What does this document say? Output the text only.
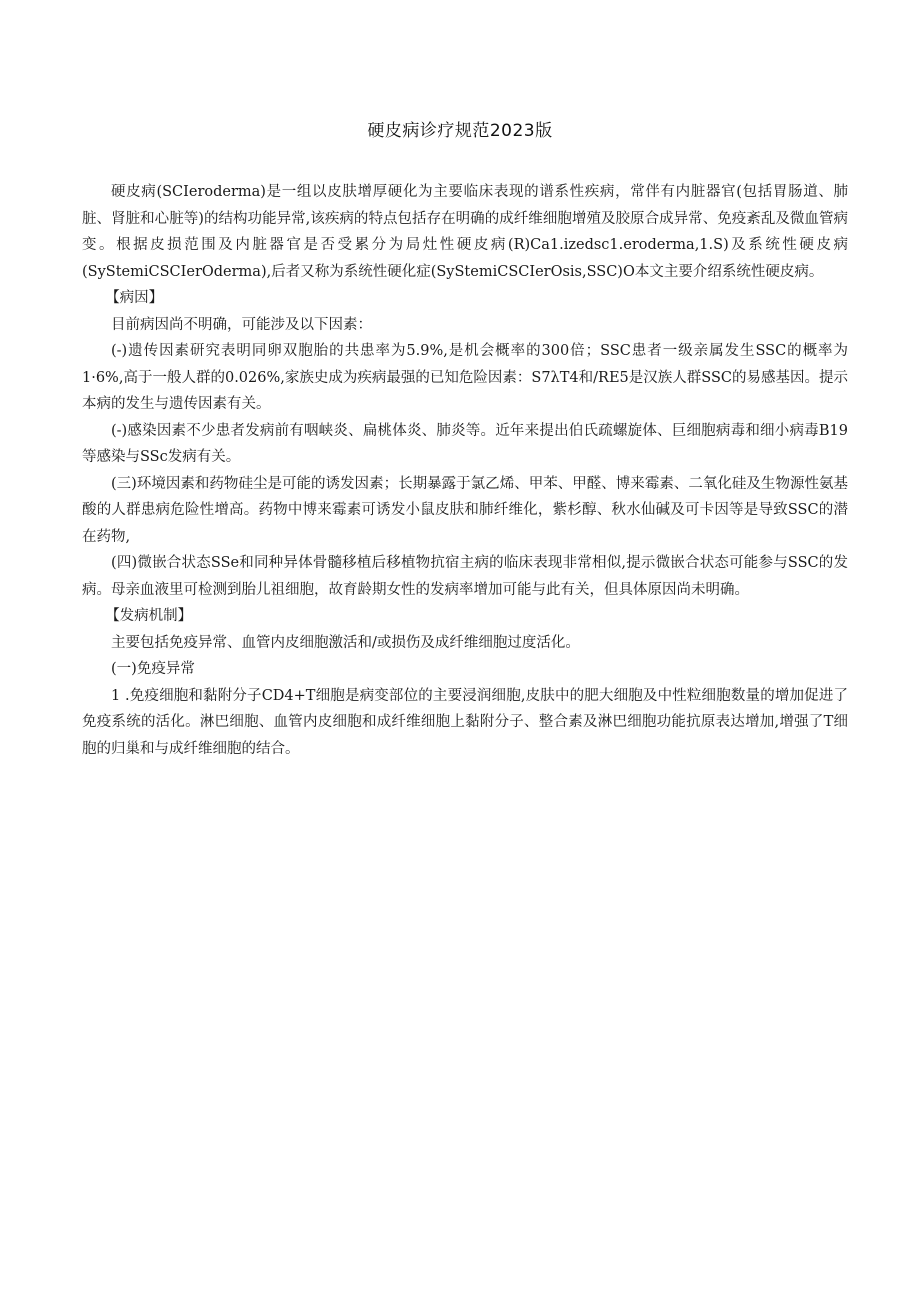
硬皮病诊疗规范2023版

硬皮病(SCIeroderma)是一组以皮肤增厚硬化为主要临床表现的谱系性疾病，常伴有内脏器官(包括胃肠道、肺脏、肾脏和心脏等)的结构功能异常,该疾病的特点包括存在明确的成纤维细胞增殖及胶原合成异常、免疫紊乱及微血管病变。根据皮损范围及内脏器官是否受累分为局灶性硬皮病(R)Ca1.izedsc1.eroderma,1.S)及系统性硬皮病(SyStemiCSCIerOderma),后者又称为系统性硬化症(SyStemiCSCIerOsis,SSC)O本文主要介绍系统性硬皮病。

【病因】

目前病因尚不明确，可能涉及以下因素：

(-)遗传因素研究表明同卵双胞胎的共患率为5.9%,是机会概率的300倍；SSC患者一级亲属发生SSC的概率为1·6%,高于一般人群的0.026%,家族史成为疾病最强的已知危险因素：S7λT4和/RE5是汉族人群SSC的易感基因。提示本病的发生与遗传因素有关。

(-)感染因素不少患者发病前有咽峡炎、扁桃体炎、肺炎等。近年来提出伯氏疏螺旋体、巨细胞病毒和细小病毒B19等感染与SSc发病有关。

(三)环境因素和药物硅尘是可能的诱发因素；长期暴露于氯乙烯、甲苯、甲醛、博来霉素、二氧化硅及生物源性氨基酸的人群患病危险性增高。药物中博来霉素可诱发小鼠皮肤和肺纤维化，紫杉醇、秋水仙碱及可卡因等是导致SSC的潜在药物,

(四)微嵌合状态SSe和同种异体骨髓移植后移植物抗宿主病的临床表现非常相似,提示微嵌合状态可能参与SSC的发病。母亲血液里可检测到胎儿祖细胞，故育龄期女性的发病率增加可能与此有关，但具体原因尚未明确。

【发病机制】

主要包括免疫异常、血管内皮细胞激活和/或损伤及成纤维细胞过度活化。

(一)免疫异常

1 .免疫细胞和黏附分子CD4+T细胞是病变部位的主要浸润细胞,皮肤中的肥大细胞及中性粒细胞数量的增加促进了免疫系统的活化。淋巴细胞、血管内皮细胞和成纤维细胞上黏附分子、整合素及淋巴细胞功能抗原表达增加,增强了T细胞的归巢和与成纤维细胞的结合。
